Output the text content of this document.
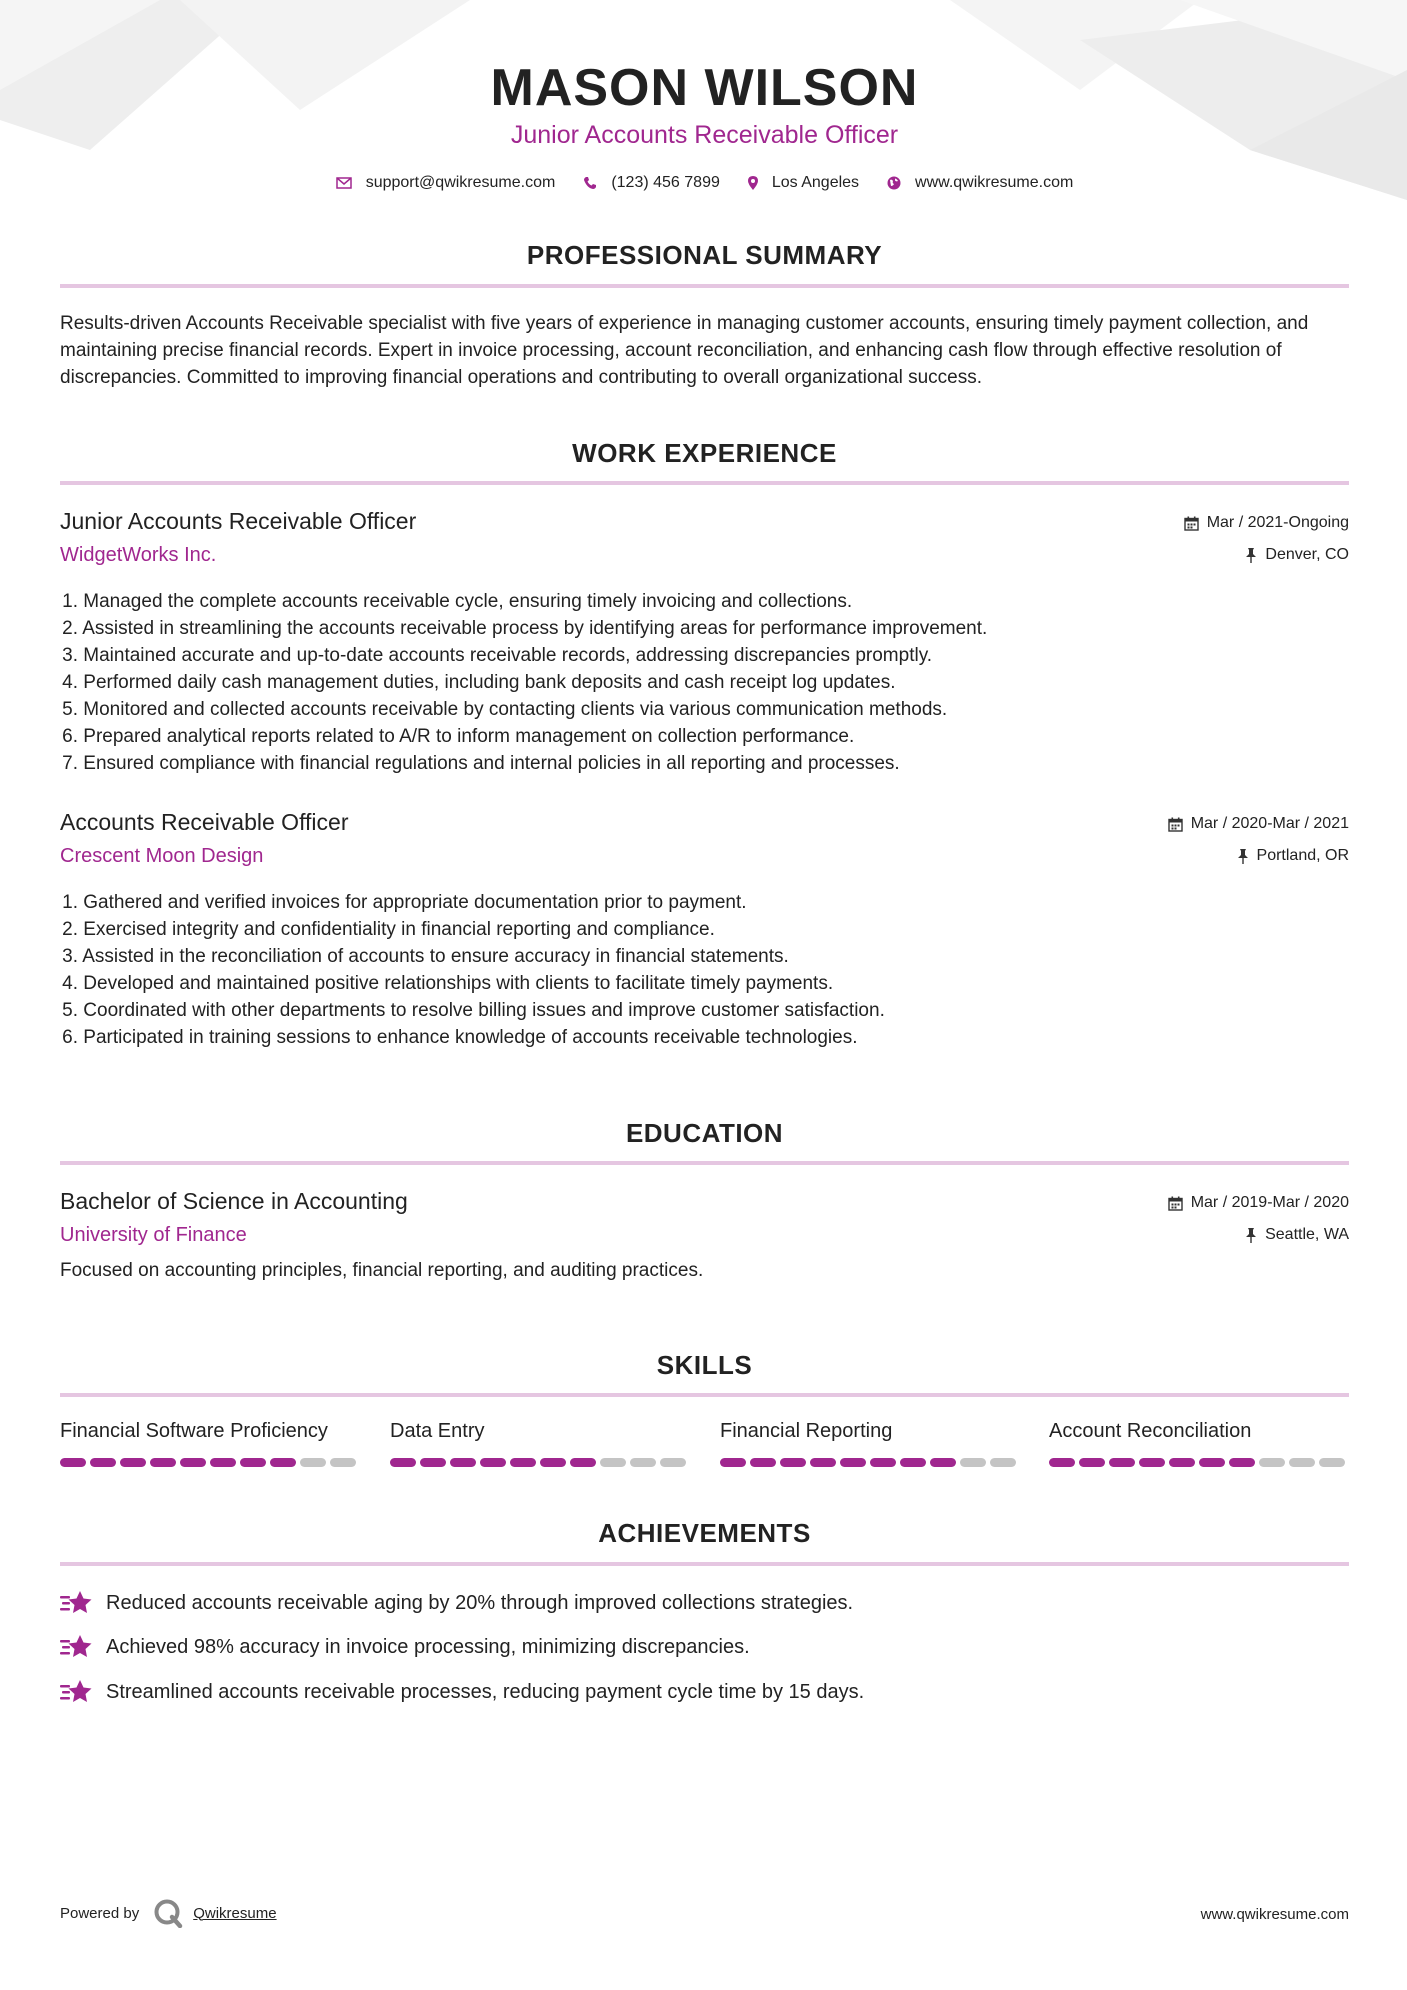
MASON WILSON
Junior Accounts Receivable Officer
support@qwikresume.com	(123) 456 7899	Los Angeles	www.qwikresume.com
PROFESSIONAL SUMMARY
Results-driven Accounts Receivable specialist with five years of experience in managing customer accounts, ensuring timely payment collection, and maintaining precise financial records. Expert in invoice processing, account reconciliation, and enhancing cash flow through effective resolution of discrepancies. Committed to improving financial operations and contributing to overall organizational success.
WORK EXPERIENCE
Junior Accounts Receivable Officer
WidgetWorks Inc.
Mar / 2021-Ongoing
Denver, CO
1. Managed the complete accounts receivable cycle, ensuring timely invoicing and collections.
2. Assisted in streamlining the accounts receivable process by identifying areas for performance improvement.
3. Maintained accurate and up-to-date accounts receivable records, addressing discrepancies promptly.
4. Performed daily cash management duties, including bank deposits and cash receipt log updates.
5. Monitored and collected accounts receivable by contacting clients via various communication methods.
6. Prepared analytical reports related to A/R to inform management on collection performance.
7. Ensured compliance with financial regulations and internal policies in all reporting and processes.
Accounts Receivable Officer
Crescent Moon Design
Mar / 2020-Mar / 2021
Portland, OR
1. Gathered and verified invoices for appropriate documentation prior to payment.
2. Exercised integrity and confidentiality in financial reporting and compliance.
3. Assisted in the reconciliation of accounts to ensure accuracy in financial statements.
4. Developed and maintained positive relationships with clients to facilitate timely payments.
5. Coordinated with other departments to resolve billing issues and improve customer satisfaction.
6. Participated in training sessions to enhance knowledge of accounts receivable technologies.
EDUCATION
Bachelor of Science in Accounting
University of Finance
Mar / 2019-Mar / 2020
Seattle, WA
Focused on accounting principles, financial reporting, and auditing practices.
SKILLS
Financial Software Proficiency	Data Entry	Financial Reporting	Account Reconciliation
ACHIEVEMENTS
Reduced accounts receivable aging by 20% through improved collections strategies.
Achieved 98% accuracy in invoice processing, minimizing discrepancies.
Streamlined accounts receivable processes, reducing payment cycle time by 15 days.
Powered by	Qwikresume	www.qwikresume.com
